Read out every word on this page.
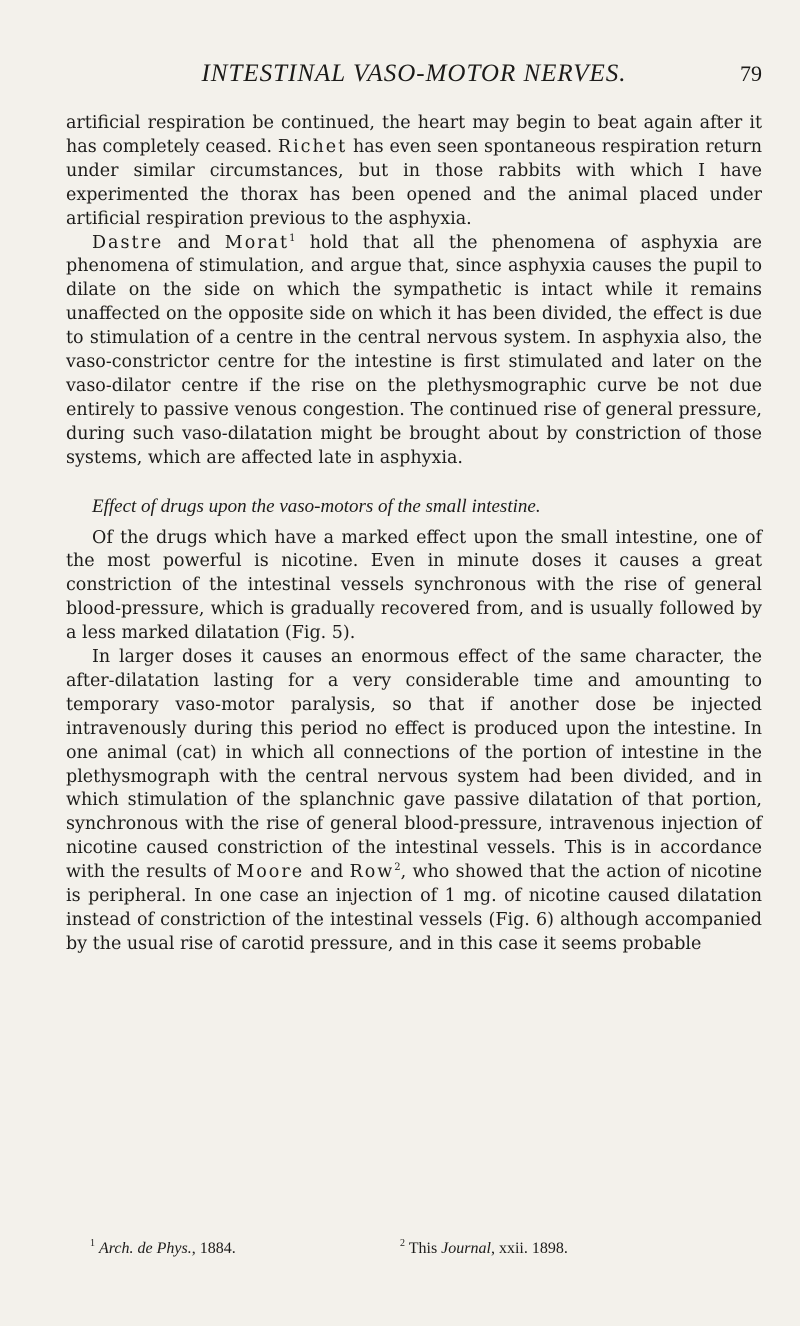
INTESTINAL VASO-MOTOR NERVES.	79

artificial respiration be continued, the heart may begin to beat again after it has completely ceased. Richet has even seen spontaneous respiration return under similar circumstances, but in those rabbits with which I have experimented the thorax has been opened and the animal placed under artificial respiration previous to the asphyxia.

Dastre and Morat$^1$ hold that all the phenomena of asphyxia are phenomena of stimulation, and argue that, since asphyxia causes the pupil to dilate on the side on which the sympathetic is intact while it remains unaffected on the opposite side on which it has been divided, the effect is due to stimulation of a centre in the central nervous system. In asphyxia also, the vaso-constrictor centre for the intestine is first stimulated and later on the vaso-dilator centre if the rise on the plethysmographic curve be not due entirely to passive venous congestion. The continued rise of general pressure, during such vaso-dilatation might be brought about by constriction of those systems, which are affected late in asphyxia.

Effect of drugs upon the vaso-motors of the small intestine.

Of the drugs which have a marked effect upon the small intestine, one of the most powerful is nicotine. Even in minute doses it causes a great constriction of the intestinal vessels synchronous with the rise of general blood-pressure, which is gradually recovered from, and is usually followed by a less marked dilatation (Fig. 5).

In larger doses it causes an enormous effect of the same character, the after-dilatation lasting for a very considerable time and amounting to temporary vaso-motor paralysis, so that if another dose be injected intravenously during this period no effect is produced upon the intestine. In one animal (cat) in which all connections of the portion of intestine in the plethysmograph with the central nervous system had been divided, and in which stimulation of the splanchnic gave passive dilatation of that portion, synchronous with the rise of general blood-pressure, intravenous injection of nicotine caused constriction of the intestinal vessels. This is in accordance with the results of Moore and Row$^2$, who showed that the action of nicotine is peripheral. In one case an injection of 1 mg. of nicotine caused dilatation instead of constriction of the intestinal vessels (Fig. 6) although accompanied by the usual rise of carotid pressure, and in this case it seems probable

$^1$ Arch. de Phys., 1884.	$^2$ This Journal, xxii. 1898.
